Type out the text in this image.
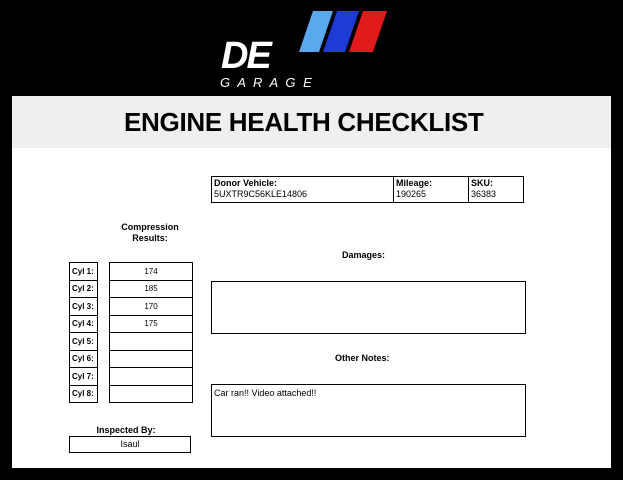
DE
G A R A G E
ENGINE HEALTH CHECKLIST
Donor Vehicle:
5UXTR9C56KLE14806

Mileage:
190265

SKU:
36383
Compression
Results:
Cyl 1:		174
Cyl 2:		185
Cyl 3:		170
Cyl 4:		175
Cyl 5:		
Cyl 6:		
Cyl 7:		
Cyl 8:		
Inspected By:
Isaul
Damages:
Other Notes:
Car ran!! Video attached!!
